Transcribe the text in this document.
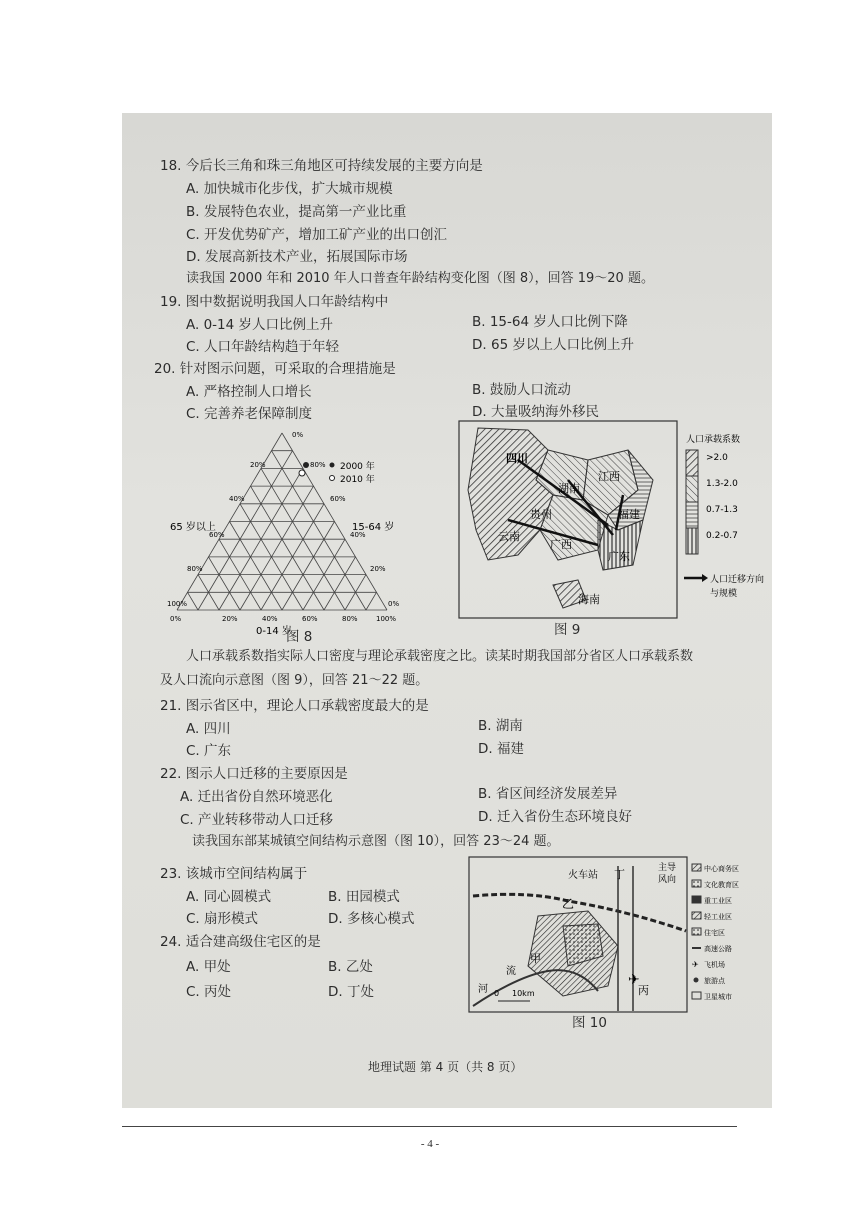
18. 今后长三角和珠三角地区可持续发展的主要方向是
A. 加快城市化步伐，扩大城市规模
B. 发展特色农业，提高第一产业比重
C. 开发优势矿产，增加工矿产业的出口创汇
D. 发展高新技术产业，拓展国际市场
读我国 2000 年和 2010 年人口普查年龄结构变化图（图 8），回答 19～20 题。
19. 图中数据说明我国人口年龄结构中
A. 0-14 岁人口比例上升	B. 15-64 岁人口比例下降
C. 人口年龄结构趋于年轻	D. 65 岁以上人口比例上升
20. 针对图示问题，可采取的合理措施是
A. 严格控制人口增长	B. 鼓励人口流动
C. 完善养老保障制度	D. 大量吸纳海外移民
0%
20%
40%
60%
80%
100%
80%
60%
40%
20%
0%
0%	20%	40%	60%	80%	100%
2000 年
2010 年
65 岁以上	15-64 岁
0-14 岁
图 8
四川
湖南
江西
福建
贵州
云南
广西
广东
海南
人口承载系数
>2.0
1.3-2.0
0.7-1.3
0.2-0.7
人口迁移方向
与规模
图 9
人口承载系数指实际人口密度与理论承载密度之比。读某时期我国部分省区人口承载系数
及人口流向示意图（图 9），回答 21～22 题。
21. 图示省区中，理论人口承载密度最大的是
A. 四川	B. 湖南
C. 广东	D. 福建
22. 图示人口迁移的主要原因是
A. 迁出省份自然环境恶化	B. 省区间经济发展差异
C. 产业转移带动人口迁移	D. 迁入省份生态环境良好
读我国东部某城镇空间结构示意图（图 10），回答 23～24 题。
23. 该城市空间结构属于
A. 同心圆模式	B. 田园模式
C. 扇形模式	D. 多核心模式
24. 适合建高级住宅区的是
A. 甲处	B. 乙处
C. 丙处	D. 丁处
火车站
主导
风向
丁
乙
甲
丙
流
河
✈
0 10km
中心商务区
文化教育区
重工业区
轻工业区
住宅区
高速公路
✈ 飞机场
旅游点
卫星城市
图 10
地理试题 第 4 页（共 8 页）
- 4 -
